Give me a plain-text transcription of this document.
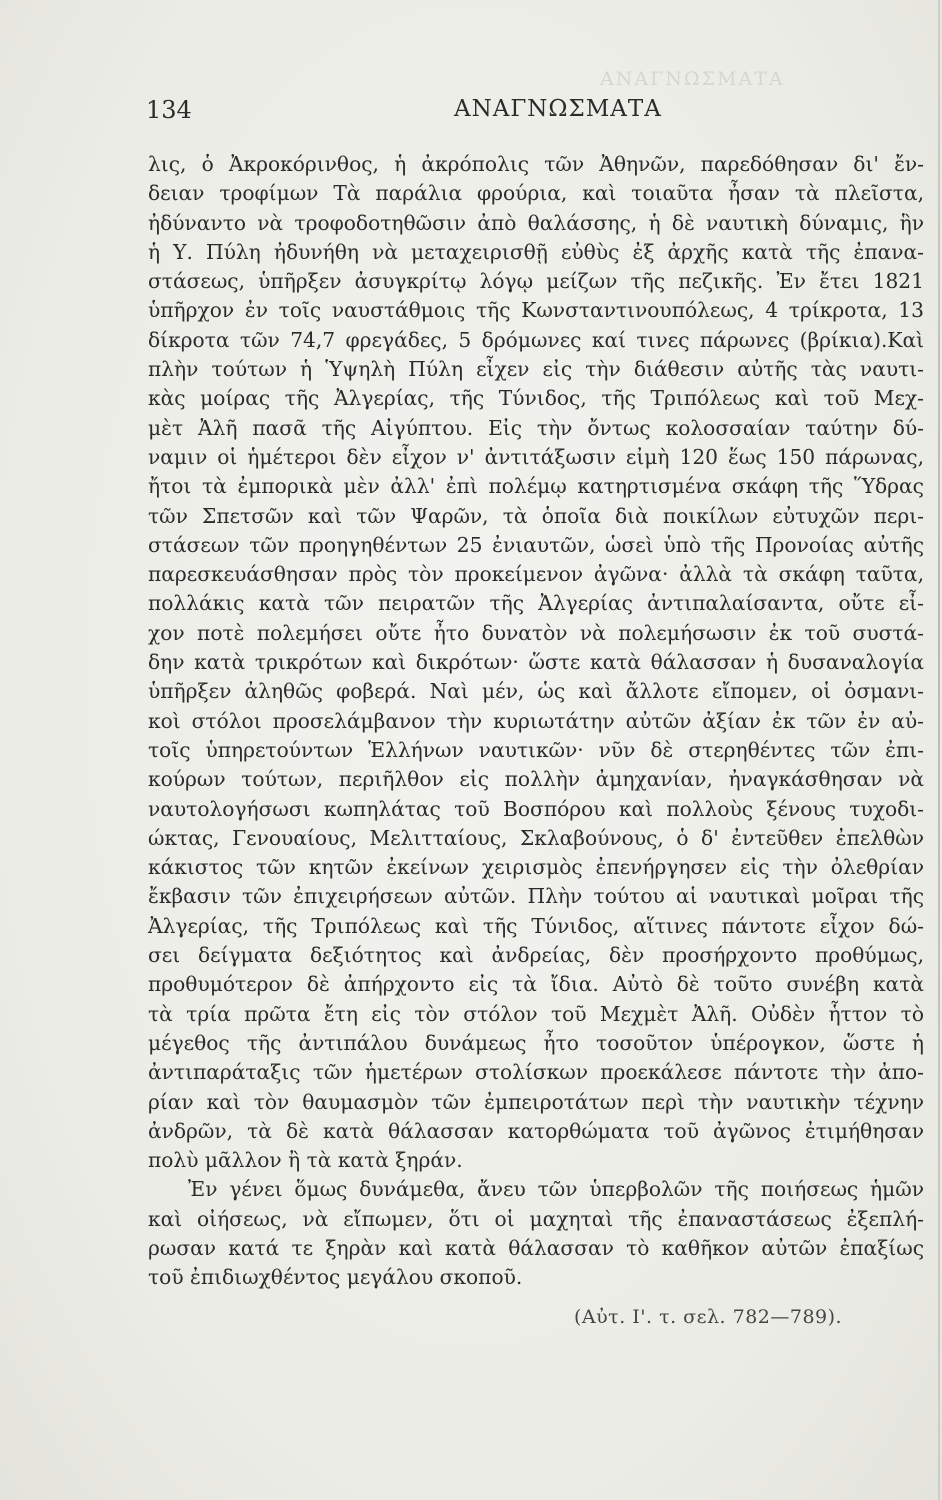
ΑΝΑΓΝΩΣΜΑΤΑ
134	ΑΝΑΓΝΩΣΜΑΤΑ
λις, ὁ Ἀκροκόρινθος, ἡ ἀκρόπολις τῶν Ἀθηνῶν, παρεδόθησαν δι' ἔν-
δειαν τροφίμων Τὰ παράλια φρούρια, καὶ τοιαῦτα ἦσαν τὰ πλεῖστα,
ἠδύναντο νὰ τροφοδοτηθῶσιν ἀπὸ θαλάσσης, ἡ δὲ ναυτικὴ δύναμις, ἣν
ἡ Υ. Πύλη ἠδυνήθη νὰ μεταχειρισθῇ εὐθὺς ἐξ ἀρχῆς κατὰ τῆς ἐπανα-
στάσεως, ὑπῆρξεν ἀσυγκρίτῳ λόγῳ μείζων τῆς πεζικῆς. Ἐν ἔτει 1821
ὑπῆρχον ἐν τοῖς ναυστάθμοις τῆς Κωνσταντινουπόλεως, 4 τρίκροτα, 13
δίκροτα τῶν 74,7 φρεγάδες, 5 δρόμωνες καί τινες πάρωνες (βρίκια).Καὶ
πλὴν τούτων ἡ Ὑψηλὴ Πύλη εἶχεν εἰς τὴν διάθεσιν αὐτῆς τὰς ναυτι-
κὰς μοίρας τῆς Ἀλγερίας, τῆς Τύνιδος, τῆς Τριπόλεως καὶ τοῦ Μεχ-
μὲτ Ἀλῆ πασᾶ τῆς Αἰγύπτου. Εἰς τὴν ὄντως κολοσσαίαν ταύτην δύ-
ναμιν οἱ ἡμέτεροι δὲν εἶχον ν' ἀντιτάξωσιν εἰμὴ 120 ἕως 150 πάρωνας,
ἤτοι τὰ ἐμπορικὰ μὲν ἀλλ' ἐπὶ πολέμῳ κατηρτισμένα σκάφη τῆς Ὕδρας
τῶν Σπετσῶν καὶ τῶν Ψαρῶν, τὰ ὁποῖα διὰ ποικίλων εὐτυχῶν περι-
στάσεων τῶν προηγηθέντων 25 ἐνιαυτῶν, ὡσεὶ ὑπὸ τῆς Προνοίας αὐτῆς
παρεσκευάσθησαν πρὸς τὸν προκείμενον ἀγῶνα· ἀλλὰ τὰ σκάφη ταῦτα,
πολλάκις κατὰ τῶν πειρατῶν τῆς Ἀλγερίας ἀντιπαλαίσαντα, οὔτε εἶ-
χον ποτὲ πολεμήσει οὔτε ἦτο δυνατὸν νὰ πολεμήσωσιν ἐκ τοῦ συστά-
δην κατὰ τρικρότων καὶ δικρότων· ὥστε κατὰ θάλασσαν ἡ δυσαναλογία
ὑπῆρξεν ἀληθῶς φοβερά. Ναὶ μέν, ὡς καὶ ἄλλοτε εἴπομεν, οἱ ὀσμανι-
κοὶ στόλοι προσελάμβανον τὴν κυριωτάτην αὐτῶν ἀξίαν ἐκ τῶν ἐν αὐ-
τοῖς ὑπηρετούντων Ἑλλήνων ναυτικῶν· νῦν δὲ στερηθέντες τῶν ἐπι-
κούρων τούτων, περιῆλθον εἰς πολλὴν ἀμηχανίαν, ἠναγκάσθησαν νὰ
ναυτολογήσωσι κωπηλάτας τοῦ Βοσπόρου καὶ πολλοὺς ξένους τυχοδι-
ώκτας, Γενουαίους, Μελιτταίους, Σκλαβούνους, ὁ δ' ἐντεῦθεν ἐπελθὼν
κάκιστος τῶν κητῶν ἐκείνων χειρισμὸς ἐπενήργησεν εἰς τὴν ὀλεθρίαν
ἔκβασιν τῶν ἐπιχειρήσεων αὐτῶν. Πλὴν τούτου αἱ ναυτικαὶ μοῖραι τῆς
Ἀλγερίας, τῆς Τριπόλεως καὶ τῆς Τύνιδος, αἵτινες πάντοτε εἶχον δώ-
σει δείγματα δεξιότητος καὶ ἀνδρείας, δὲν προσήρχοντο προθύμως,
προθυμότερον δὲ ἀπήρχοντο εἰς τὰ ἴδια. Αὐτὸ δὲ τοῦτο συνέβη κατὰ
τὰ τρία πρῶτα ἔτη εἰς τὸν στόλον τοῦ Μεχμὲτ Ἀλῆ. Οὐδὲν ἧττον τὸ
μέγεθος τῆς ἀντιπάλου δυνάμεως ἦτο τοσοῦτον ὑπέρογκον, ὥστε ἡ
ἀντιπαράταξις τῶν ἡμετέρων στολίσκων προεκάλεσε πάντοτε τὴν ἀπο-
ρίαν καὶ τὸν θαυμασμὸν τῶν ἐμπειροτάτων περὶ τὴν ναυτικὴν τέχνην
ἀνδρῶν, τὰ δὲ κατὰ θάλασσαν κατορθώματα τοῦ ἀγῶνος ἐτιμήθησαν
πολὺ μᾶλλον ἢ τὰ κατὰ ξηράν.
Ἐν γένει ὅμως δυνάμεθα, ἄνευ τῶν ὑπερβολῶν τῆς ποιήσεως ἡμῶν
καὶ οἰήσεως, νὰ εἴπωμεν, ὅτι οἱ μαχηταὶ τῆς ἐπαναστάσεως ἐξεπλή-
ρωσαν κατά τε ξηρὰν καὶ κατὰ θάλασσαν τὸ καθῆκον αὐτῶν ἐπαξίως
τοῦ ἐπιδιωχθέντος μεγάλου σκοποῦ.
(Αὐτ. Ι'. τ. σελ. 782—789).
